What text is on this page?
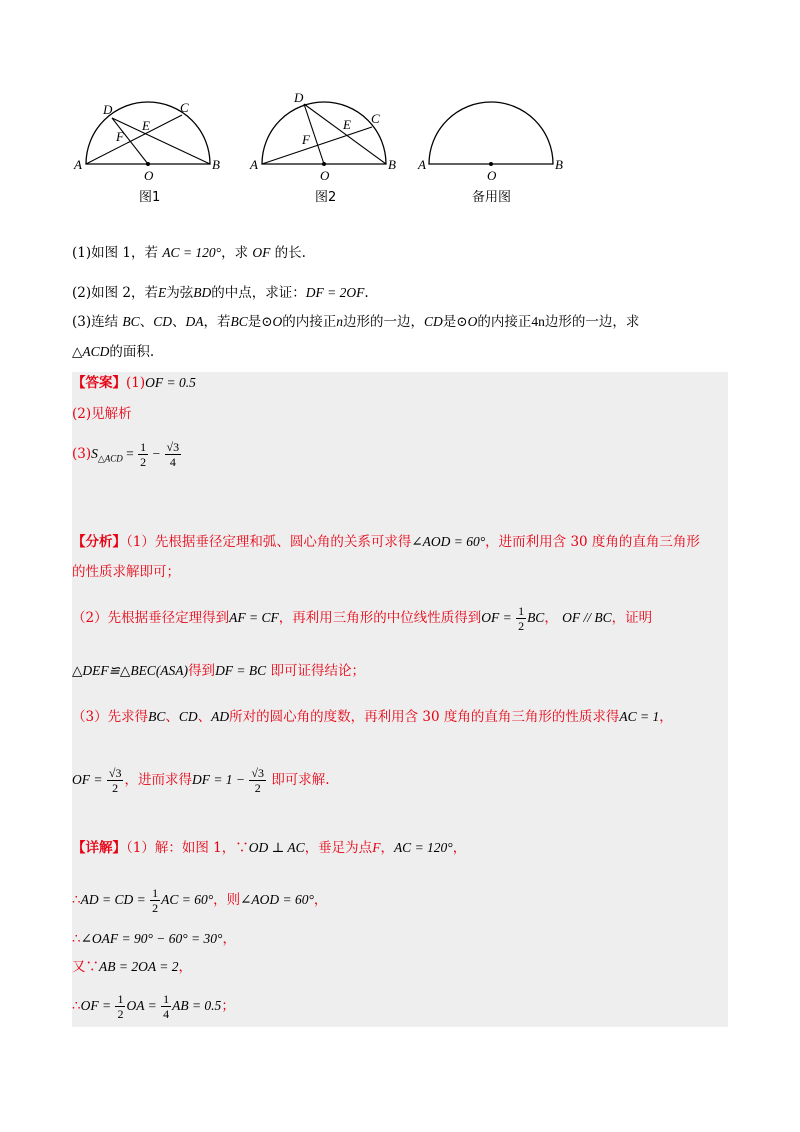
A	B
C
D
E
F
O
图1
A	B
C
D
E
F
O
图2
A	B
O
备用图
(1)如图 1，若 AC = 120°，求 OF 的长.
(2)如图 2，若E为弦BD的中点，求证：DF = 2OF.
(3)连结 BC、CD、DA，若BC是⊙O的内接正n边形的一边，CD是⊙O的内接正4n边形的一边，求
△ACD的面积.
【答案】(1)OF = 0.5
(2)见解析
$(3)S_{\triangle ACD} = \frac{1}{2} - \frac{√3}{4}$
【分析】（1）先根据垂径定理和弧、圆心角的关系可求得∠AOD = 60°，进而利用含 30 度角的直角三角形
的性质求解即可；
（2）先根据垂径定理得到AF = CF，再利用三角形的中位线性质得到OF = $\frac{1}{2}$ BC， OF // BC，证明
△DEF≌△BEC(ASA)得到DF = BC 即可证得结论；
（3）先求得BC、CD、AD所对的圆心角的度数，再利用含 30 度角的直角三角形的性质求得AC = 1，
OF = $\frac{√3}{2}$ ，进而求得DF = $1 - \frac{√3}{2}$ 即可求解.
【详解】（1）解：如图 1，∵OD ⊥ AC，垂足为点F，AC = 120°，
∴AD = CD = $\frac{1}{2}$ AC = 60°，则∠AOD = 60°，
∴∠OAF = 90° − 60° = 30°，
又∵AB = 2OA = 2，
∴OF = $\frac{1}{2}$ OA = $\frac{1}{4}$ AB = 0.5；
